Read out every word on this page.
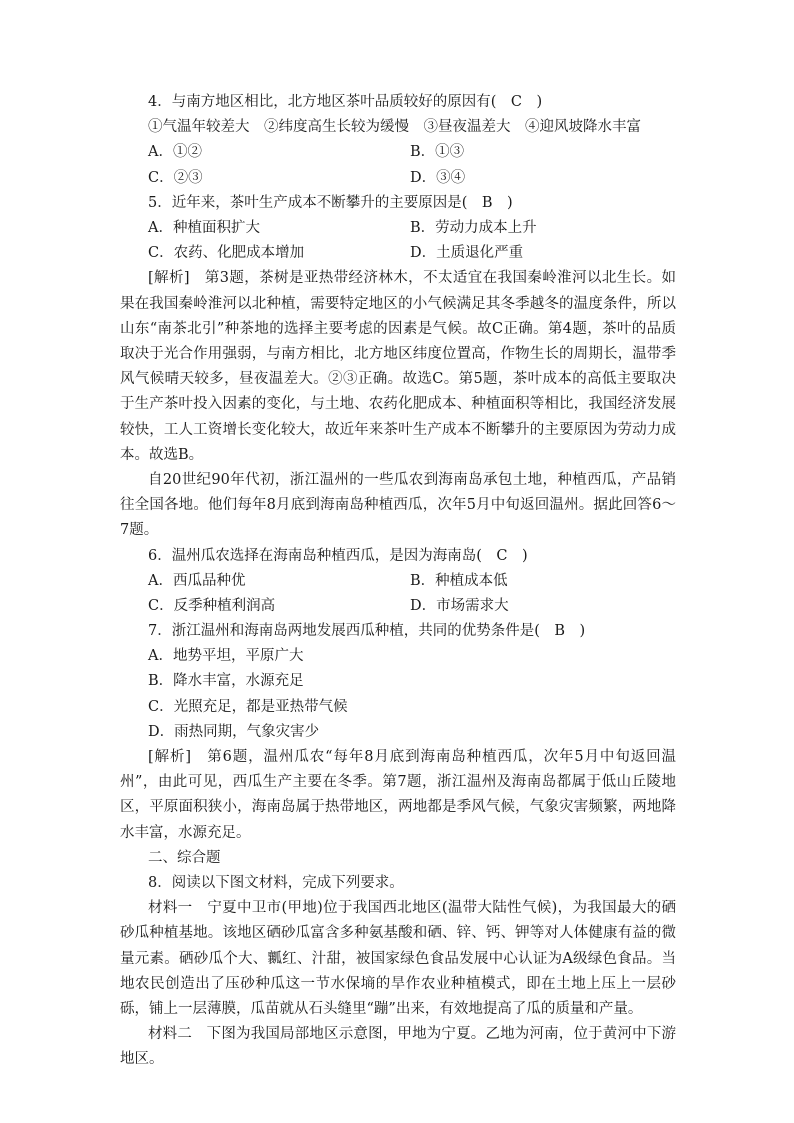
4．与南方地区相比，北方地区茶叶品质较好的原因有(　C　)
①气温年较差大　②纬度高生长较为缓慢　③昼夜温差大　④迎风坡降水丰富
A．①②	B．①③
C．②③	D．③④
5．近年来，茶叶生产成本不断攀升的主要原因是(　B　)
A．种植面积扩大	B．劳动力成本上升
C．农药、化肥成本增加	D．土质退化严重
[解析]　第3题，茶树是亚热带经济林木，不太适宜在我国秦岭淮河以北生长。如果在我国秦岭淮河以北种植，需要特定地区的小气候满足其冬季越冬的温度条件，所以山东“南茶北引”种茶地的选择主要考虑的因素是气候。故C正确。第4题，茶叶的品质取决于光合作用强弱，与南方相比，北方地区纬度位置高，作物生长的周期长，温带季风气候晴天较多，昼夜温差大。②③正确。故选C。第5题，茶叶成本的高低主要取决于生产茶叶投入因素的变化，与土地、农药化肥成本、种植面积等相比，我国经济发展较快，工人工资增长变化较大，故近年来茶叶生产成本不断攀升的主要原因为劳动力成本。故选B。
自20世纪90年代初，浙江温州的一些瓜农到海南岛承包土地，种植西瓜，产品销往全国各地。他们每年8月底到海南岛种植西瓜，次年5月中旬返回温州。据此回答6～7题。
6．温州瓜农选择在海南岛种植西瓜，是因为海南岛(　C　)
A．西瓜品种优	B．种植成本低
C．反季种植利润高	D．市场需求大
7．浙江温州和海南岛两地发展西瓜种植，共同的优势条件是(　B　)
A．地势平坦，平原广大
B．降水丰富，水源充足
C．光照充足，都是亚热带气候
D．雨热同期，气象灾害少
[解析]　第6题，温州瓜农“每年8月底到海南岛种植西瓜，次年5月中旬返回温州”，由此可见，西瓜生产主要在冬季。第7题，浙江温州及海南岛都属于低山丘陵地区，平原面积狭小，海南岛属于热带地区，两地都是季风气候，气象灾害频繁，两地降水丰富，水源充足。
二、综合题
8．阅读以下图文材料，完成下列要求。
材料一　宁夏中卫市(甲地)位于我国西北地区(温带大陆性气候)，为我国最大的硒砂瓜种植基地。该地区硒砂瓜富含多种氨基酸和硒、锌、钙、钾等对人体健康有益的微量元素。硒砂瓜个大、瓤红、汁甜，被国家绿色食品发展中心认证为A级绿色食品。当地农民创造出了压砂种瓜这一节水保墒的旱作农业种植模式，即在土地上压上一层砂砾，铺上一层薄膜，瓜苗就从石头缝里“蹦”出来，有效地提高了瓜的质量和产量。
材料二　下图为我国局部地区示意图，甲地为宁夏。乙地为河南，位于黄河中下游地区。
